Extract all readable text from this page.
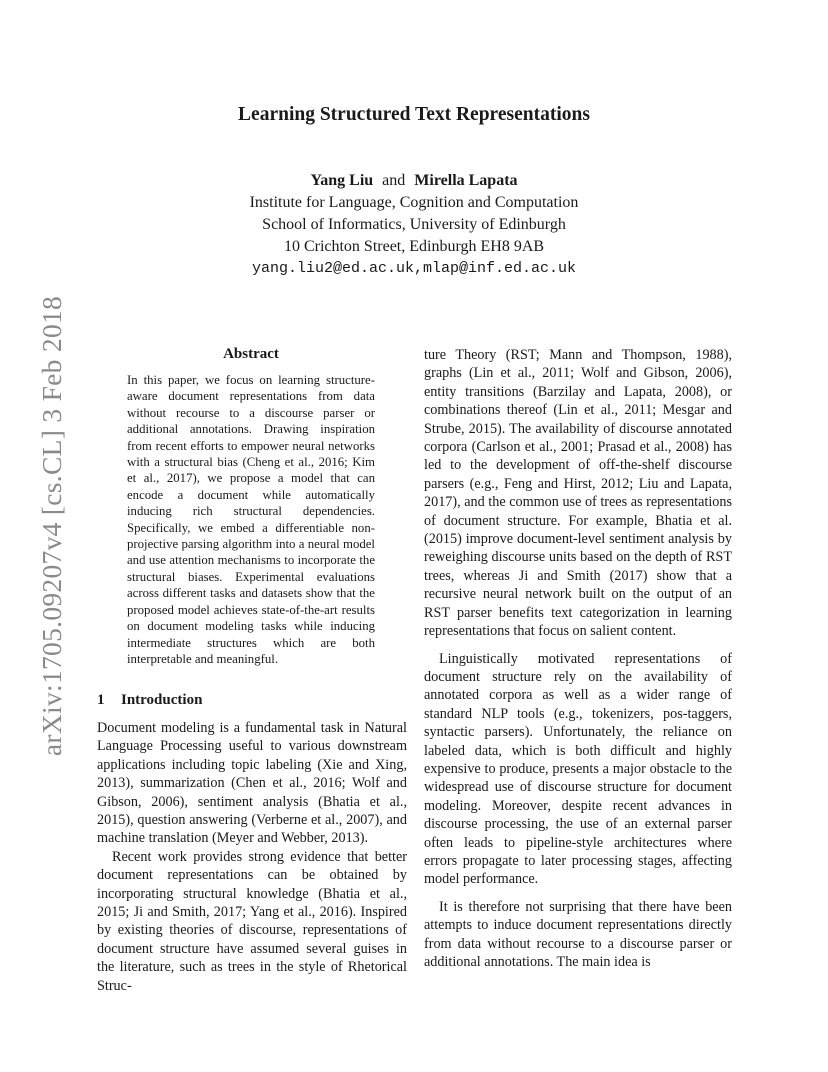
arXiv:1705.09207v4 [cs.CL] 3 Feb 2018
Learning Structured Text Representations
Yang Liu and Mirella Lapata
Institute for Language, Cognition and Computation
School of Informatics, University of Edinburgh
10 Crichton Street, Edinburgh EH8 9AB
yang.liu2@ed.ac.uk,mlap@inf.ed.ac.uk
Abstract

In this paper, we focus on learning structure-aware document representations from data without recourse to a discourse parser or additional annotations. Drawing inspiration from recent efforts to empower neural networks with a structural bias (Cheng et al., 2016; Kim et al., 2017), we propose a model that can encode a document while automatically inducing rich structural dependencies. Specifically, we embed a differentiable non-projective parsing algorithm into a neural model and use attention mechanisms to incorporate the structural biases. Experimental evaluations across different tasks and datasets show that the proposed model achieves state-of-the-art results on document modeling tasks while inducing intermediate structures which are both interpretable and meaningful.

1 Introduction

Document modeling is a fundamental task in Natural Language Processing useful to various downstream applications including topic labeling (Xie and Xing, 2013), summarization (Chen et al., 2016; Wolf and Gibson, 2006), sentiment analysis (Bhatia et al., 2015), question answering (Verberne et al., 2007), and machine translation (Meyer and Webber, 2013).

Recent work provides strong evidence that better document representations can be obtained by incorporating structural knowledge (Bhatia et al., 2015; Ji and Smith, 2017; Yang et al., 2016). Inspired by existing theories of discourse, representations of document structure have assumed several guises in the literature, such as trees in the style of Rhetorical Struc-

ture Theory (RST; Mann and Thompson, 1988), graphs (Lin et al., 2011; Wolf and Gibson, 2006), entity transitions (Barzilay and Lapata, 2008), or combinations thereof (Lin et al., 2011; Mesgar and Strube, 2015). The availability of discourse annotated corpora (Carlson et al., 2001; Prasad et al., 2008) has led to the development of off-the-shelf discourse parsers (e.g., Feng and Hirst, 2012; Liu and Lapata, 2017), and the common use of trees as representations of document structure. For example, Bhatia et al. (2015) improve document-level sentiment analysis by reweighing discourse units based on the depth of RST trees, whereas Ji and Smith (2017) show that a recursive neural network built on the output of an RST parser benefits text categorization in learning representations that focus on salient content.

Linguistically motivated representations of document structure rely on the availability of annotated corpora as well as a wider range of standard NLP tools (e.g., tokenizers, pos-taggers, syntactic parsers). Unfortunately, the reliance on labeled data, which is both difficult and highly expensive to produce, presents a major obstacle to the widespread use of discourse structure for document modeling. Moreover, despite recent advances in discourse processing, the use of an external parser often leads to pipeline-style architectures where errors propagate to later processing stages, affecting model performance.

It is therefore not surprising that there have been attempts to induce document representations directly from data without recourse to a discourse parser or additional annotations. The main idea is
